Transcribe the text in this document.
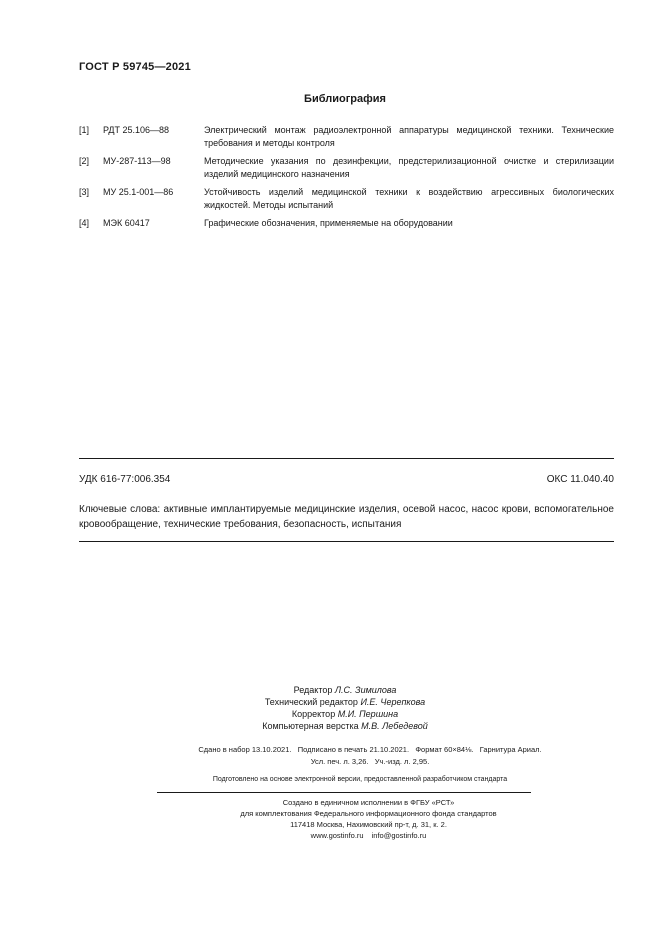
ГОСТ Р 59745—2021
Библиография
[1]	РДТ 25.106—88	Электрический монтаж радиоэлектронной аппаратуры медицинской техники. Технические требования и методы контроля
[2]	МУ-287-113—98	Методические указания по дезинфекции, предстерилизационной очистке и стерилизации изделий медицинского назначения
[3]	МУ 25.1-001—86	Устойчивость изделий медицинской техники к воздействию агрессивных биологических жидкостей. Методы испытаний
[4]	МЭК 60417	Графические обозначения, применяемые на оборудовании
УДК 616-77:006.354	ОКС 11.040.40
Ключевые слова: активные имплантируемые медицинские изделия, осевой насос, насос крови, вспомогательное кровообращение, технические требования, безопасность, испытания
Редактор Л.С. Зимилова
Технический редактор И.Е. Черепкова
Корректор М.И. Першина
Компьютерная верстка М.В. Лебедевой
Сдано в набор 13.10.2021.   Подписано в печать 21.10.2021.   Формат 60×84⅛.   Гарнитура Ариал.
Усл. печ. л. 3,26.   Уч.-изд. л. 2,95.
Подготовлено на основе электронной версии, предоставленной разработчиком стандарта
Создано в единичном исполнении в ФГБУ «РСТ»
для комплектования Федерального информационного фонда стандартов
117418 Москва, Нахимовский пр-т, д. 31, к. 2.
www.gostinfo.ru info@gostinfo.ru
